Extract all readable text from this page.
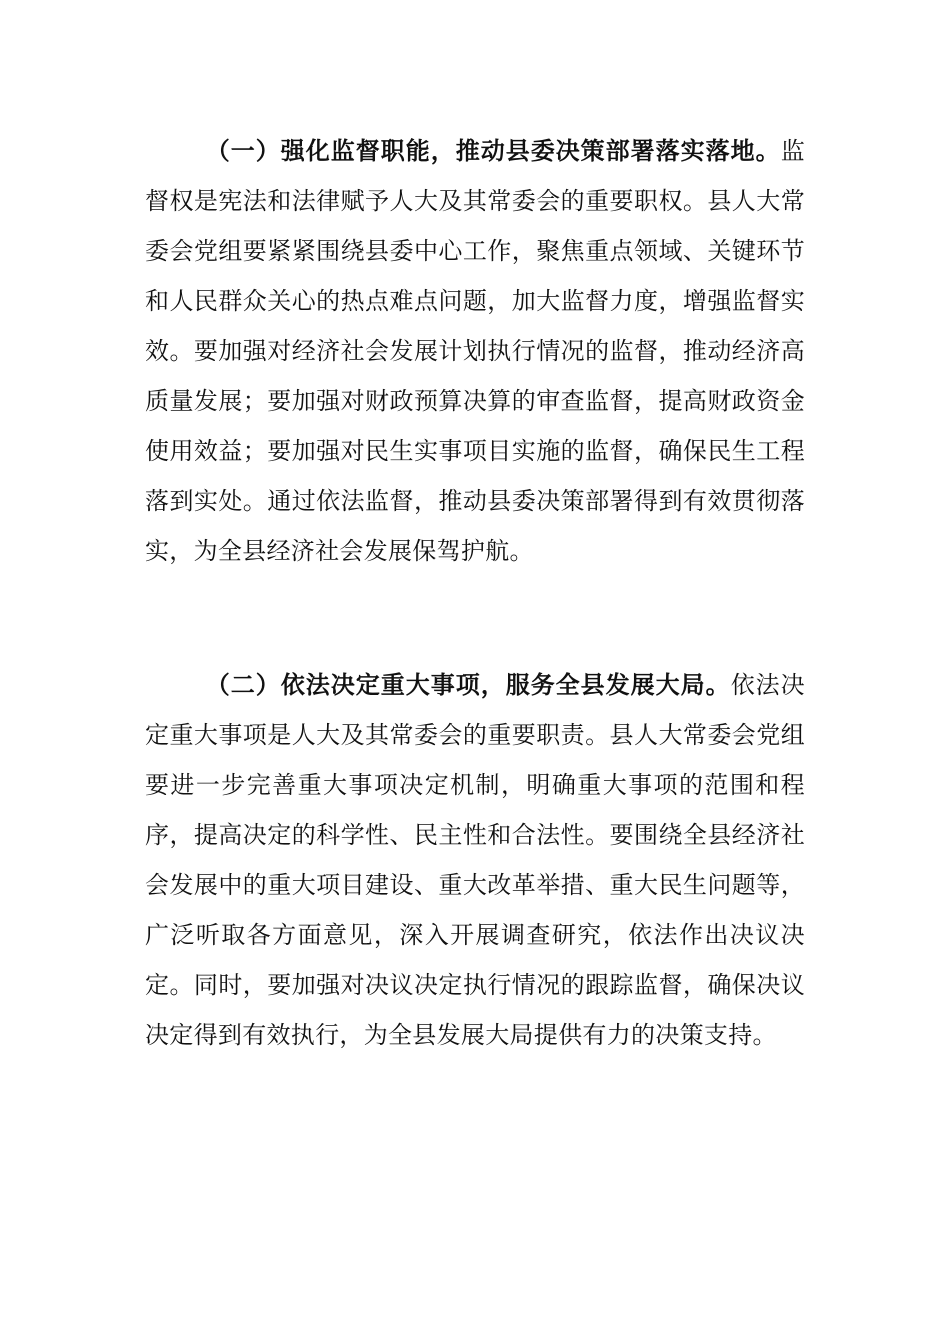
（一）强化监督职能，推动县委决策部署落实落地。监督权是宪法和法律赋予人大及其常委会的重要职权。县人大常委会党组要紧紧围绕县委中心工作，聚焦重点领域、关键环节和人民群众关心的热点难点问题，加大监督力度，增强监督实效。要加强对经济社会发展计划执行情况的监督，推动经济高质量发展；要加强对财政预算决算的审查监督，提高财政资金使用效益；要加强对民生实事项目实施的监督，确保民生工程落到实处。通过依法监督，推动县委决策部署得到有效贯彻落实，为全县经济社会发展保驾护航。
（二）依法决定重大事项，服务全县发展大局。依法决定重大事项是人大及其常委会的重要职责。县人大常委会党组要进一步完善重大事项决定机制，明确重大事项的范围和程序，提高决定的科学性、民主性和合法性。要围绕全县经济社会发展中的重大项目建设、重大改革举措、重大民生问题等，广泛听取各方面意见，深入开展调查研究，依法作出决议决定。同时，要加强对决议决定执行情况的跟踪监督，确保决议决定得到有效执行，为全县发展大局提供有力的决策支持。
